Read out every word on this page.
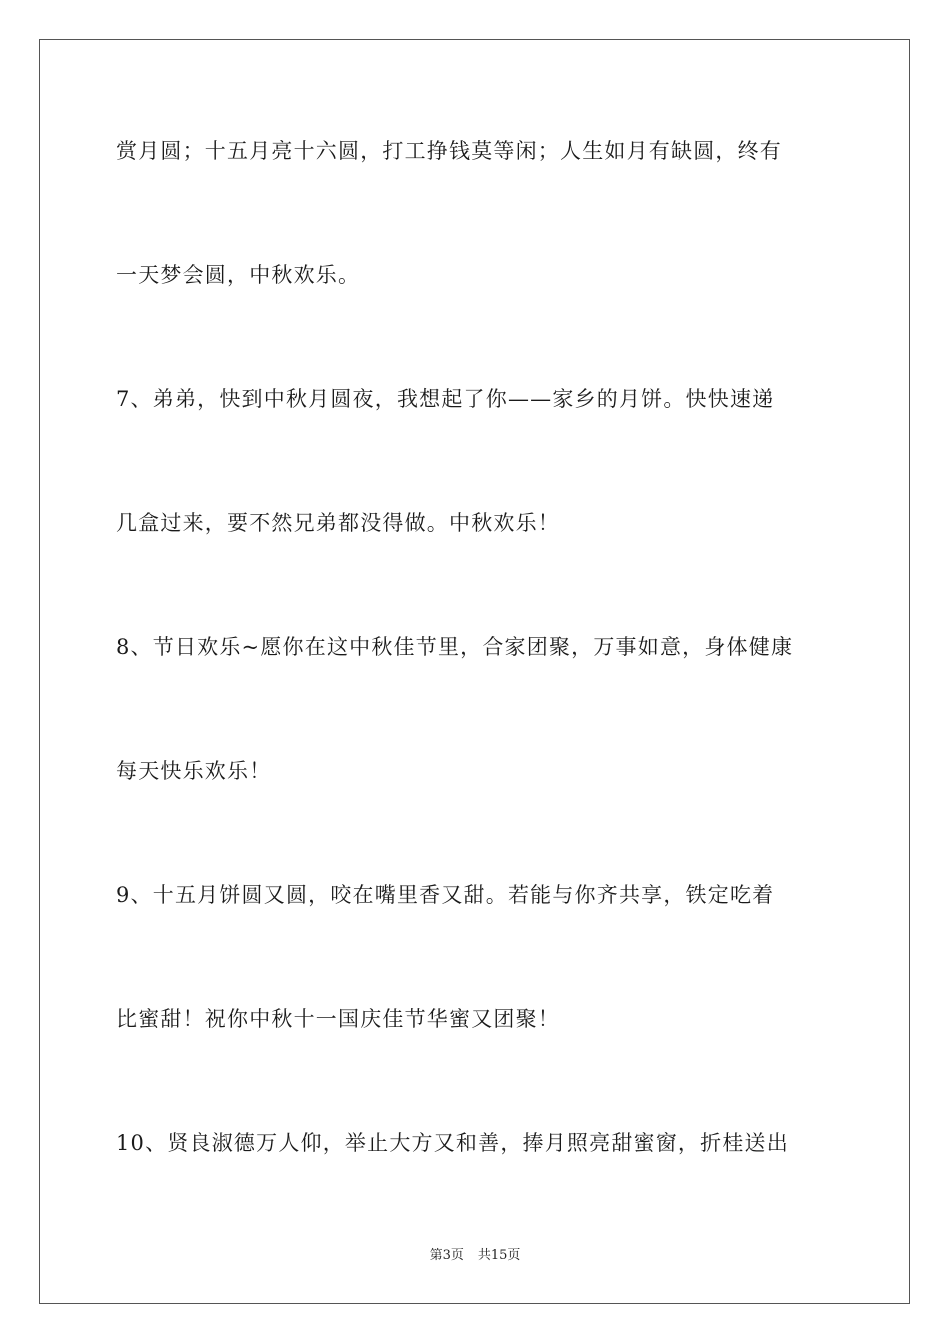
赏月圆；十五月亮十六圆，打工挣钱莫等闲；人生如月有缺圆，终有
一天梦会圆，中秋欢乐。
7、弟弟，快到中秋月圆夜，我想起了你——家乡的月饼。快快速递
几盒过来，要不然兄弟都没得做。中秋欢乐！
8、节日欢乐~愿你在这中秋佳节里，合家团聚，万事如意，身体健康
每天快乐欢乐！
9、十五月饼圆又圆，咬在嘴里香又甜。若能与你齐共享，铁定吃着
比蜜甜！祝你中秋十一国庆佳节华蜜又团聚！
10、贤良淑德万人仰，举止大方又和善，捧月照亮甜蜜窗，折桂送出
第3页 共15页
